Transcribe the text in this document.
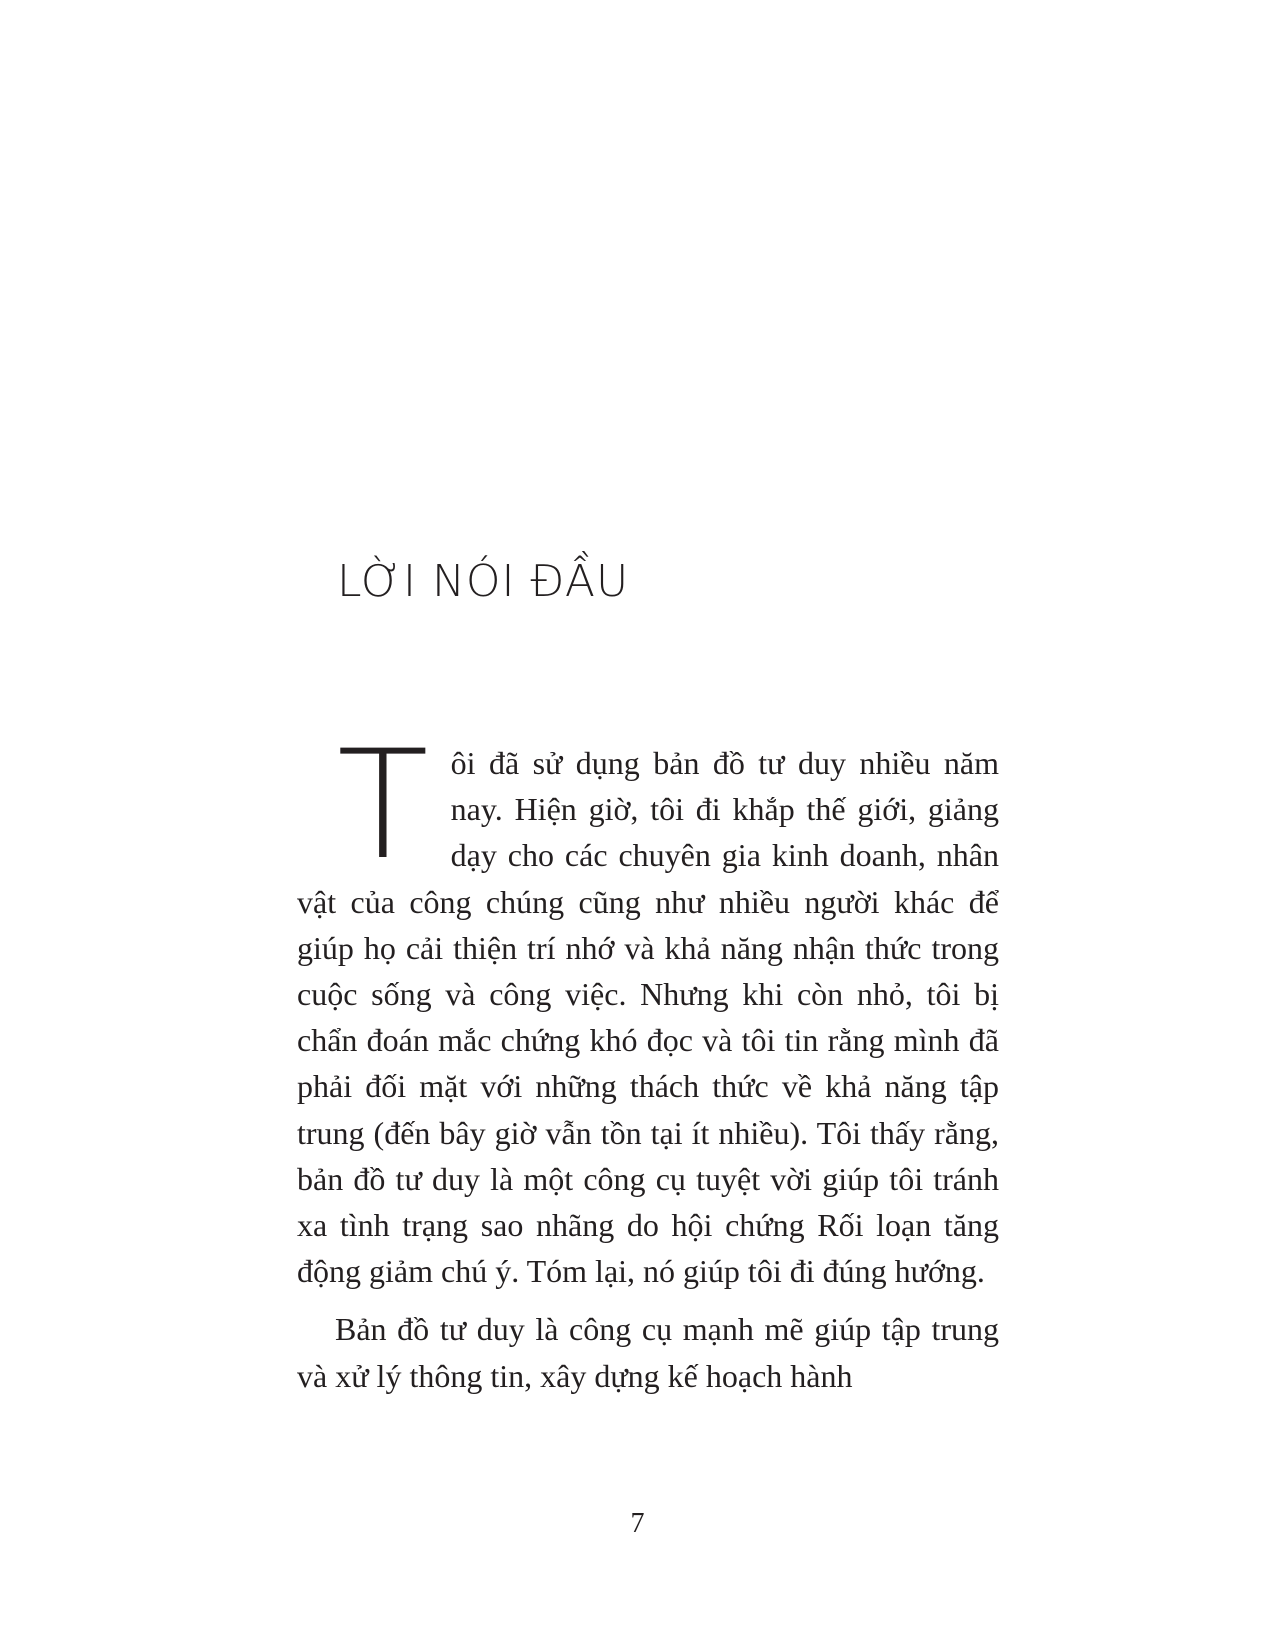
LỜI NÓI ĐẦU

Tôi đã sử dụng bản đồ tư duy nhiều năm nay. Hiện giờ, tôi đi khắp thế giới, giảng dạy cho các chuyên gia kinh doanh, nhân vật của công chúng cũng như nhiều người khác để giúp họ cải thiện trí nhớ và khả năng nhận thức trong cuộc sống và công việc. Nhưng khi còn nhỏ, tôi bị chẩn đoán mắc chứng khó đọc và tôi tin rằng mình đã phải đối mặt với những thách thức về khả năng tập trung (đến bây giờ vẫn tồn tại ít nhiều). Tôi thấy rằng, bản đồ tư duy là một công cụ tuyệt vời giúp tôi tránh xa tình trạng sao nhãng do hội chứng Rối loạn tăng động giảm chú ý. Tóm lại, nó giúp tôi đi đúng hướng.

Bản đồ tư duy là công cụ mạnh mẽ giúp tập trung và xử lý thông tin, xây dựng kế hoạch hành

7
